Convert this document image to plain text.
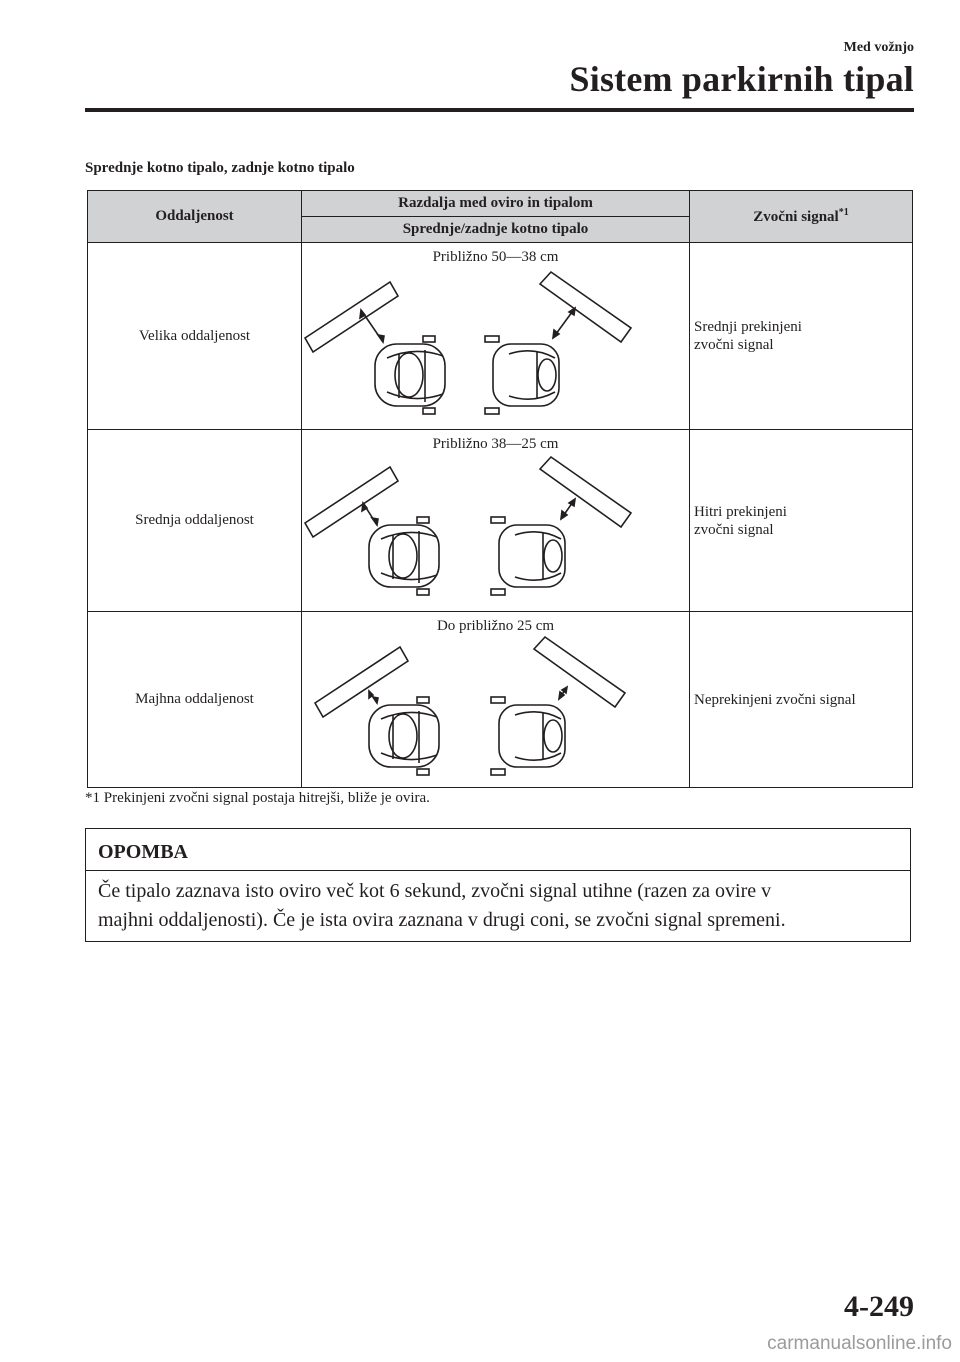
Med vožnjo
Sistem parkirnih tipal
Sprednje kotno tipalo, zadnje kotno tipalo
Oddaljenost	Razdalja med oviro in tipalom	Zvočni signal$^{*1}$
	Sprednje/zadnje kotno tipalo	
Velika oddaljenost	Približno 50—38 cm	Srednji prekinjeni
zvočni signal

Srednja oddaljenost	Približno 38—25 cm	Hitri prekinjeni
zvočni signal

Majhna oddaljenost	Do približno 25 cm	Neprekinjeni zvočni signal
*1 Prekinjeni zvočni signal postaja hitrejši, bliže je ovira.
OPOMBA
Če tipalo zaznava isto oviro več kot 6 sekund, zvočni signal utihne (razen za ovire v
majhni oddaljenosti). Če je ista ovira zaznana v drugi coni, se zvočni signal spremeni.
4-249
carmanualsonline.info
